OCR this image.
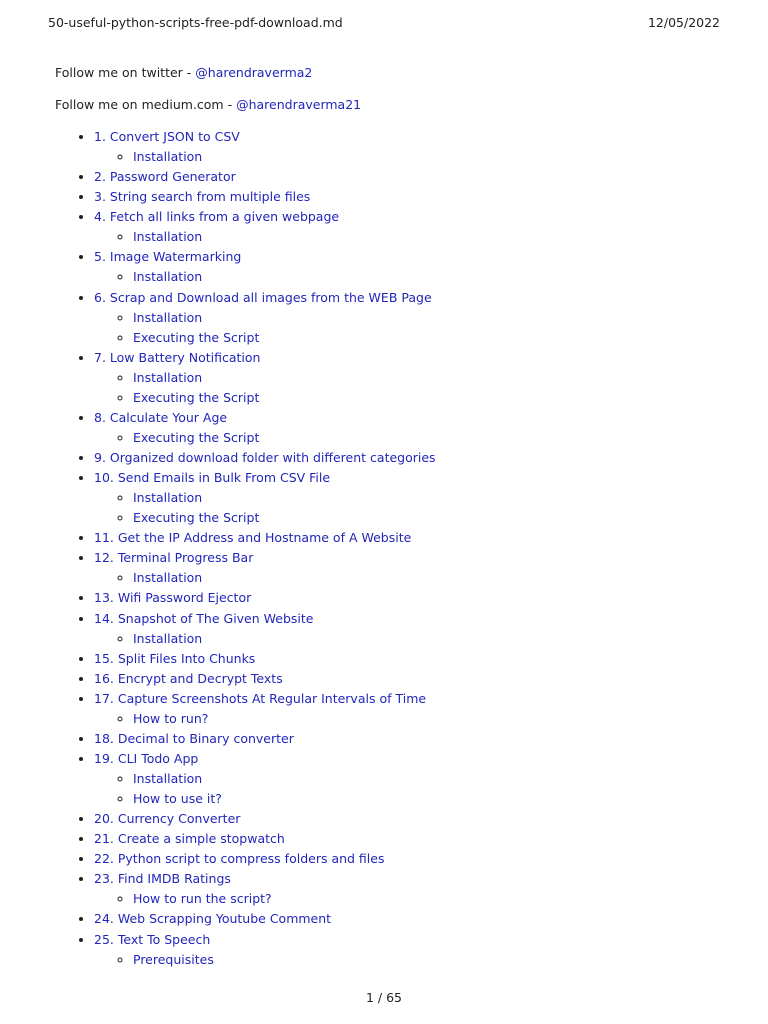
50-useful-python-scripts-free-pdf-download.md	12/05/2022

Follow me on twitter - @harendraverma2

Follow me on medium.com - @harendraverma21

• 1. Convert JSON to CSV
◦ Installation
• 2. Password Generator
• 3. String search from multiple files
• 4. Fetch all links from a given webpage
◦ Installation
• 5. Image Watermarking
◦ Installation
• 6. Scrap and Download all images from the WEB Page
◦ Installation
◦ Executing the Script
• 7. Low Battery Notification
◦ Installation
◦ Executing the Script
• 8. Calculate Your Age
◦ Executing the Script
• 9. Organized download folder with different categories
• 10. Send Emails in Bulk From CSV File
◦ Installation
◦ Executing the Script
• 11. Get the IP Address and Hostname of A Website
• 12. Terminal Progress Bar
◦ Installation
• 13. Wifi Password Ejector
• 14. Snapshot of The Given Website
◦ Installation
• 15. Split Files Into Chunks
• 16. Encrypt and Decrypt Texts
• 17. Capture Screenshots At Regular Intervals of Time
◦ How to run?
• 18. Decimal to Binary converter
• 19. CLI Todo App
◦ Installation
◦ How to use it?
• 20. Currency Converter
• 21. Create a simple stopwatch
• 22. Python script to compress folders and files
• 23. Find IMDB Ratings
◦ How to run the script?
• 24. Web Scrapping Youtube Comment
• 25. Text To Speech
◦ Prerequisites
1 / 65
